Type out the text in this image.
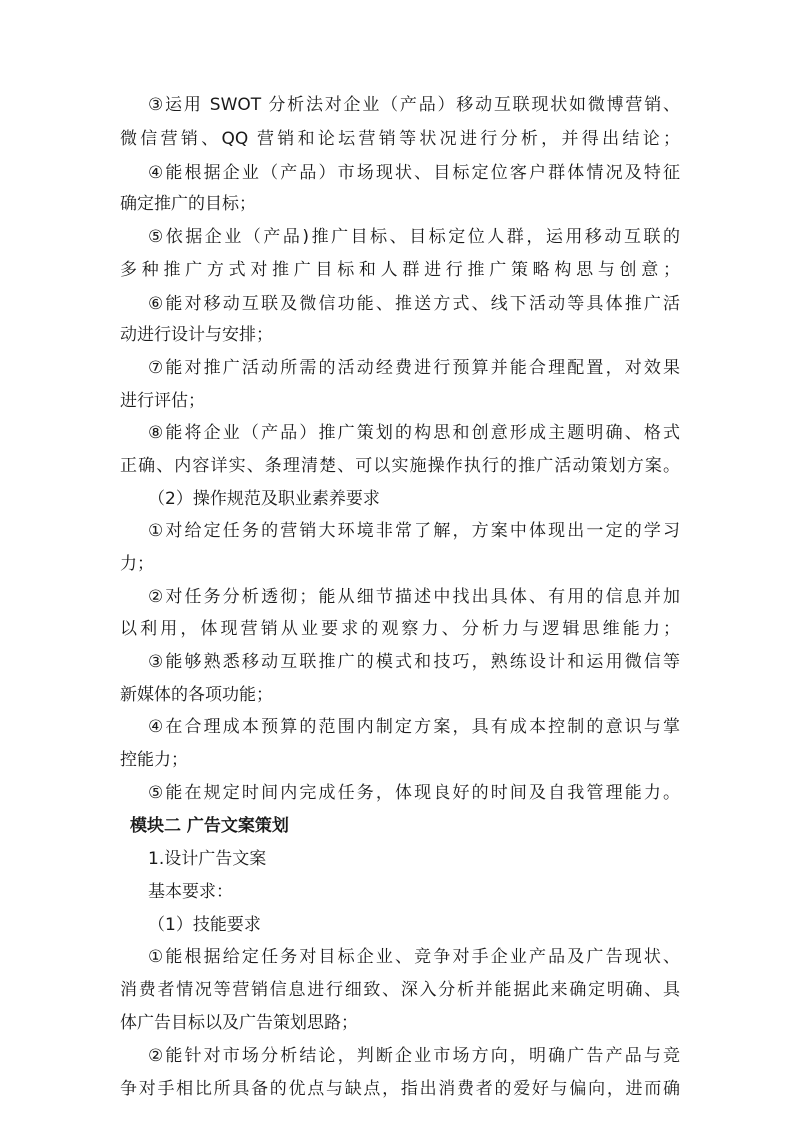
③运用 SWOT 分析法对企业（产品）移动互联现状如微博营销、
微信营销、QQ 营销和论坛营销等状况进行分析，并得出结论；
④能根据企业（产品）市场现状、目标定位客户群体情况及特征
确定推广的目标；
⑤依据企业（产品)推广目标、目标定位人群，运用移动互联的
多种推广方式对推广目标和人群进行推广策略构思与创意；
⑥能对移动互联及微信功能、推送方式、线下活动等具体推广活
动进行设计与安排；
⑦能对推广活动所需的活动经费进行预算并能合理配置，对效果
进行评估；
⑧能将企业（产品）推广策划的构思和创意形成主题明确、格式
正确、内容详实、条理清楚、可以实施操作执行的推广活动策划方案。
（2）操作规范及职业素养要求
①对给定任务的营销大环境非常了解，方案中体现出一定的学习
力；
②对任务分析透彻；能从细节描述中找出具体、有用的信息并加
以利用，体现营销从业要求的观察力、分析力与逻辑思维能力；
③能够熟悉移动互联推广的模式和技巧，熟练设计和运用微信等
新媒体的各项功能；
④在合理成本预算的范围内制定方案，具有成本控制的意识与掌
控能力；
⑤能在规定时间内完成任务，体现良好的时间及自我管理能力。
模块二 广告文案策划
1.设计广告文案
基本要求：
（1）技能要求
①能根据给定任务对目标企业、竞争对手企业产品及广告现状、
消费者情况等营销信息进行细致、深入分析并能据此来确定明确、具
体广告目标以及广告策划思路；
②能针对市场分析结论，判断企业市场方向，明确广告产品与竞
争对手相比所具备的优点与缺点，指出消费者的爱好与偏向，进而确
